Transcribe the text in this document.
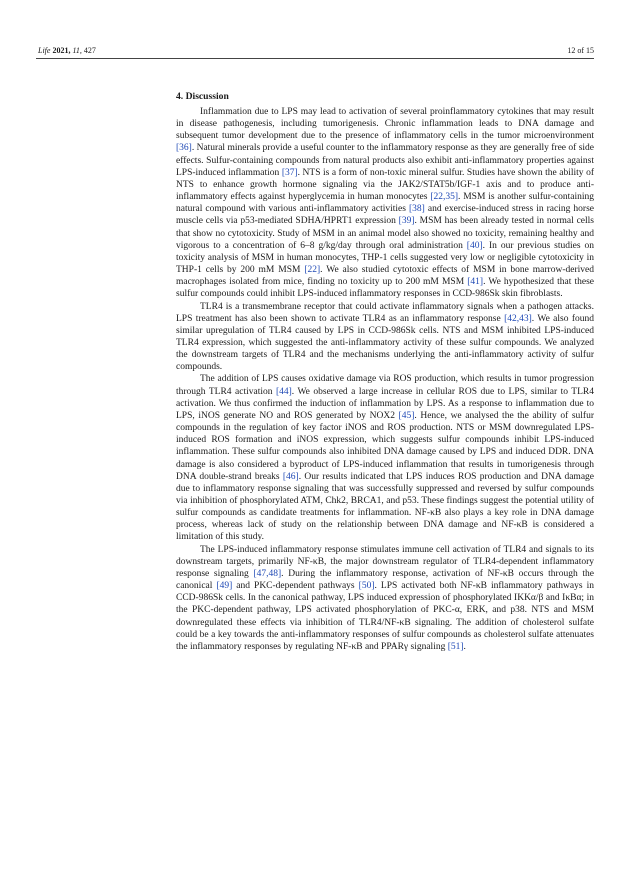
Life 2021, 11, 427	12 of 15
4. Discussion

Inflammation due to LPS may lead to activation of several proinflammatory cytokines that may result in disease pathogenesis, including tumorigenesis. Chronic inflammation leads to DNA damage and subsequent tumor development due to the presence of inflammatory cells in the tumor microenvironment [36]. Natural minerals provide a useful counter to the inflammatory response as they are generally free of side effects. Sulfur-containing compounds from natural products also exhibit anti-inflammatory properties against LPS-induced inflammation [37]. NTS is a form of non-toxic mineral sulfur. Studies have shown the ability of NTS to enhance growth hormone signaling via the JAK2/STAT5b/IGF-1 axis and to produce anti-inflammatory effects against hyperglycemia in human monocytes [22,35]. MSM is another sulfur-containing natural compound with various anti-inflammatory activities [38] and exercise-induced stress in racing horse muscle cells via p53-mediated SDHA/HPRT1 expression [39]. MSM has been already tested in normal cells that show no cytotoxicity. Study of MSM in an animal model also showed no toxicity, remaining healthy and vigorous to a concentration of 6–8 g/kg/day through oral administration [40]. In our previous studies on toxicity analysis of MSM in human monocytes, THP-1 cells suggested very low or negligible cytotoxicity in THP-1 cells by 200 mM MSM [22]. We also studied cytotoxic effects of MSM in bone marrow-derived macrophages isolated from mice, finding no toxicity up to 200 mM MSM [41]. We hypothesized that these sulfur compounds could inhibit LPS-induced inflammatory responses in CCD-986Sk skin fibroblasts.

TLR4 is a transmembrane receptor that could activate inflammatory signals when a pathogen attacks. LPS treatment has also been shown to activate TLR4 as an inflammatory response [42,43]. We also found similar upregulation of TLR4 caused by LPS in CCD-986Sk cells. NTS and MSM inhibited LPS-induced TLR4 expression, which suggested the anti-inflammatory activity of these sulfur compounds. We analyzed the downstream targets of TLR4 and the mechanisms underlying the anti-inflammatory activity of sulfur compounds.

The addition of LPS causes oxidative damage via ROS production, which results in tumor progression through TLR4 activation [44]. We observed a large increase in cellular ROS due to LPS, similar to TLR4 activation. We thus confirmed the induction of inflammation by LPS. As a response to inflammation due to LPS, iNOS generate NO and ROS generated by NOX2 [45]. Hence, we analysed the the ability of sulfur compounds in the regulation of key factor iNOS and ROS production. NTS or MSM downregulated LPS-induced ROS formation and iNOS expression, which suggests sulfur compounds inhibit LPS-induced inflammation. These sulfur compounds also inhibited DNA damage caused by LPS and induced DDR. DNA damage is also considered a byproduct of LPS-induced inflammation that results in tumorigenesis through DNA double-strand breaks [46]. Our results indicated that LPS induces ROS production and DNA damage due to inflammatory response signaling that was successfully suppressed and reversed by sulfur compounds via inhibition of phosphorylated ATM, Chk2, BRCA1, and p53. These findings suggest the potential utility of sulfur compounds as candidate treatments for inflammation. NF-κB also plays a key role in DNA damage process, whereas lack of study on the relationship between DNA damage and NF-κB is considered a limitation of this study.

The LPS-induced inflammatory response stimulates immune cell activation of TLR4 and signals to its downstream targets, primarily NF-κB, the major downstream regulator of TLR4-dependent inflammatory response signaling [47,48]. During the inflammatory response, activation of NF-κB occurs through the canonical [49] and PKC-dependent pathways [50]. LPS activated both NF-κB inflammatory pathways in CCD-986Sk cells. In the canonical pathway, LPS induced expression of phosphorylated IKKα/β and IκBα; in the PKC-dependent pathway, LPS activated phosphorylation of PKC-α, ERK, and p38. NTS and MSM downregulated these effects via inhibition of TLR4/NF-κB signaling. The addition of cholesterol sulfate could be a key towards the anti-inflammatory responses of sulfur compounds as cholesterol sulfate attenuates the inflammatory responses by regulating NF-κB and PPARγ signaling [51].
